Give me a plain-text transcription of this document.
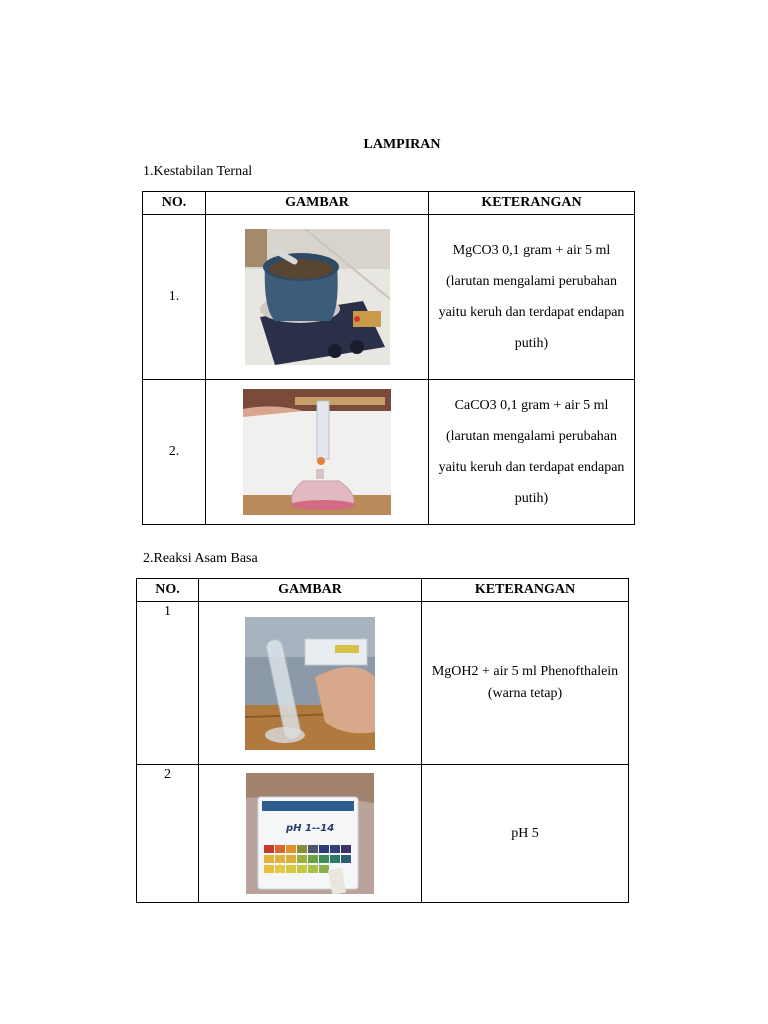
LAMPIRAN
1.Kestabilan Ternal
NO.	GAMBAR	KETERANGAN
1.		MgCO3 0,1 gram + air 5 ml
(larutan mengalami perubahan
yaitu keruh dan terdapat endapan
putih)

2.		CaCO3 0,1 gram + air 5 ml
(larutan mengalami perubahan
yaitu keruh dan terdapat endapan
putih)
2.Reaksi Asam Basa
NO.	GAMBAR	KETERANGAN
1		MgOH2 + air 5 ml Phenofthalein
(warna tetap)

2	pH 1--14	pH 5
